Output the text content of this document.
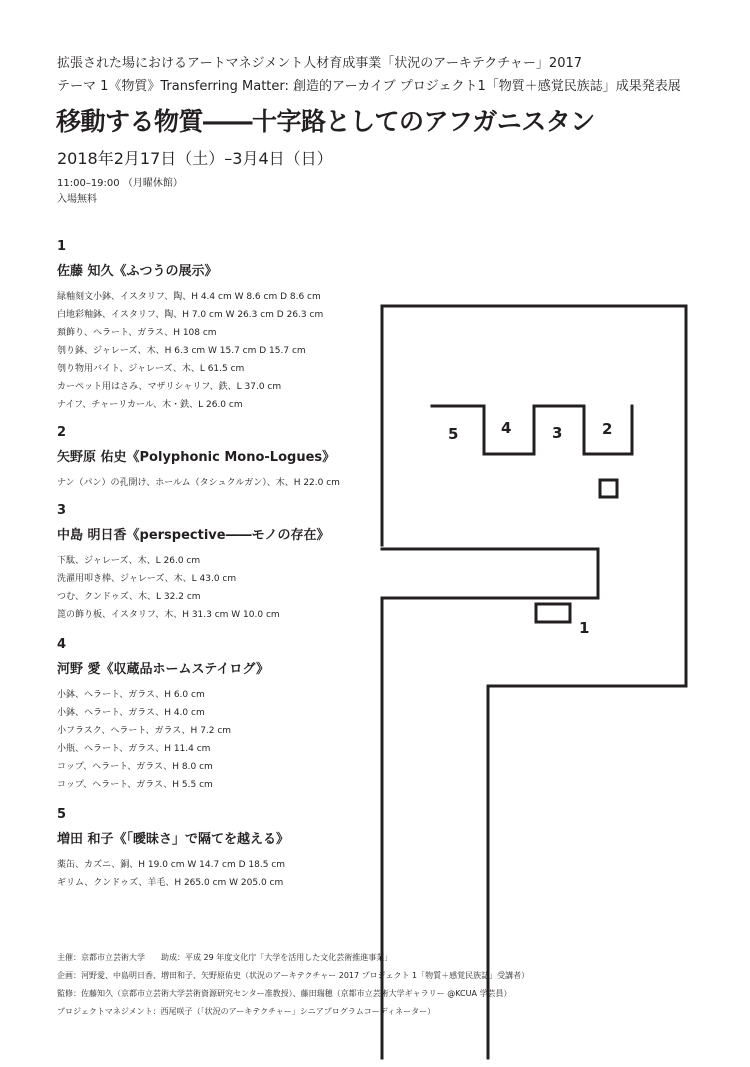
拡張された場におけるアートマネジメント人材育成事業「状況のアーキテクチャー」2017
テーマ 1《物質》Transferring Matter: 創造的アーカイブ プロジェクト1「物質＋感覚民族誌」成果発表展
移動する物質――十字路としてのアフガニスタン
2018年2月17日（土）–3月4日（日）
11:00–19:00 （月曜休館）
入場無料
1
佐藤 知久《ふつうの展示》
緑釉刻文小鉢、イスタリフ、陶、H 4.4 cm W 8.6 cm D 8.6 cm
白地彩釉鉢、イスタリフ、陶、H 7.0 cm W 26.3 cm D 26.3 cm
頚飾り、ヘラート、ガラス、H 108 cm
刳り鉢、ジャレーズ、木、H 6.3 cm W 15.7 cm D 15.7 cm
刳り物用バイト、ジャレーズ、木、L 61.5 cm
カーペット用はさみ、マザリシャリフ、鉄、L 37.0 cm
ナイフ、チャーリカール、木・鉄、L 26.0 cm
2
矢野原 佑史《Polyphonic Mono-Logues》
ナン（パン）の孔開け、ホールム（タシュクルガン）、木、H 22.0 cm
3
中島 明日香《perspective――モノの存在》
下駄、ジャレーズ、木、L 26.0 cm
洗濯用叩き棒、ジャレーズ、木、L 43.0 cm
つむ、クンドゥズ、木、L 32.2 cm
箆の飾り板、イスタリフ、木、H 31.3 cm W 10.0 cm
4
河野 愛《収蔵品ホームステイログ》
小鉢、ヘラート、ガラス、H 6.0 cm
小鉢、ヘラート、ガラス、H 4.0 cm
小フラスク、ヘラート、ガラス、H 7.2 cm
小瓶、ヘラート、ガラス、H 11.4 cm
コップ、ヘラート、ガラス、H 8.0 cm
コップ、ヘラート、ガラス、H 5.5 cm
5
増田 和子《「曖昧さ」で隔てを越える》
薬缶、カズニ、銅、H 19.0 cm W 14.7 cm D 18.5 cm
ギリム、クンドゥズ、羊毛、H 265.0 cm W 205.0 cm
5	4	3	2
1
主催：京都市立芸術大学　　助成：平成 29 年度文化庁「大学を活用した文化芸術推進事業」
企画：河野愛、中島明日香、増田和子、矢野原佑史（状況のアーキテクチャー 2017 プロジェクト 1「物質＋感覚民族誌」受講者）
監修：佐藤知久（京都市立芸術大学芸術資源研究センター准教授）、藤田瑞穂（京都市立芸術大学ギャラリー @KCUA 学芸員）
プロジェクトマネジメント：西尾咲子（「状況のアーキテクチャー」シニアプログラムコーディネーター）
